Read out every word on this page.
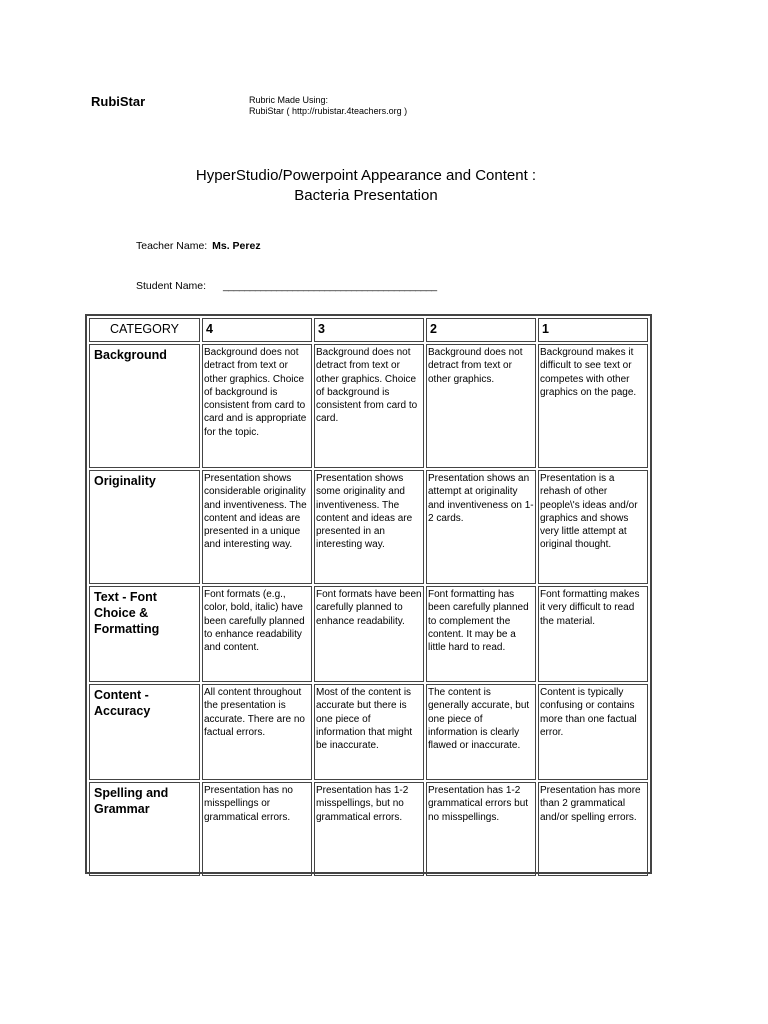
RubiStar	Rubric Made Using:
RubiStar ( http://rubistar.4teachers.org )
HyperStudio/Powerpoint Appearance and Content :
Bacteria Presentation
Teacher Name: Ms. Perez
Student Name: ________________________________________
CATEGORY	4	3	2	1
Background	Background does not detract from text or other graphics. Choice of background is consistent from card to card and is appropriate for the topic.	Background does not detract from text or other graphics. Choice of background is consistent from card to card.	Background does not detract from text or other graphics.	Background makes it difficult to see text or competes with other graphics on the page.
Originality	Presentation shows considerable originality and inventiveness. The content and ideas are presented in a unique and interesting way.	Presentation shows some originality and inventiveness. The content and ideas are presented in an interesting way.	Presentation shows an attempt at originality and inventiveness on 1-2 cards.	Presentation is a rehash of other people\'s ideas and/or graphics and shows very little attempt at original thought.
Text - Font Choice & Formatting	Font formats (e.g., color, bold, italic) have been carefully planned to enhance readability and content.	Font formats have been carefully planned to enhance readability.	Font formatting has been carefully planned to complement the content. It may be a little hard to read.	Font formatting makes it very difficult to read the material.
Content - Accuracy	All content throughout the presentation is accurate. There are no factual errors.	Most of the content is accurate but there is one piece of information that might be inaccurate.	The content is generally accurate, but one piece of information is clearly flawed or inaccurate.	Content is typically confusing or contains more than one factual error.
Spelling and Grammar	Presentation has no misspellings or grammatical errors.	Presentation has 1-2 misspellings, but no grammatical errors.	Presentation has 1-2 grammatical errors but no misspellings.	Presentation has more than 2 grammatical and/or spelling errors.
